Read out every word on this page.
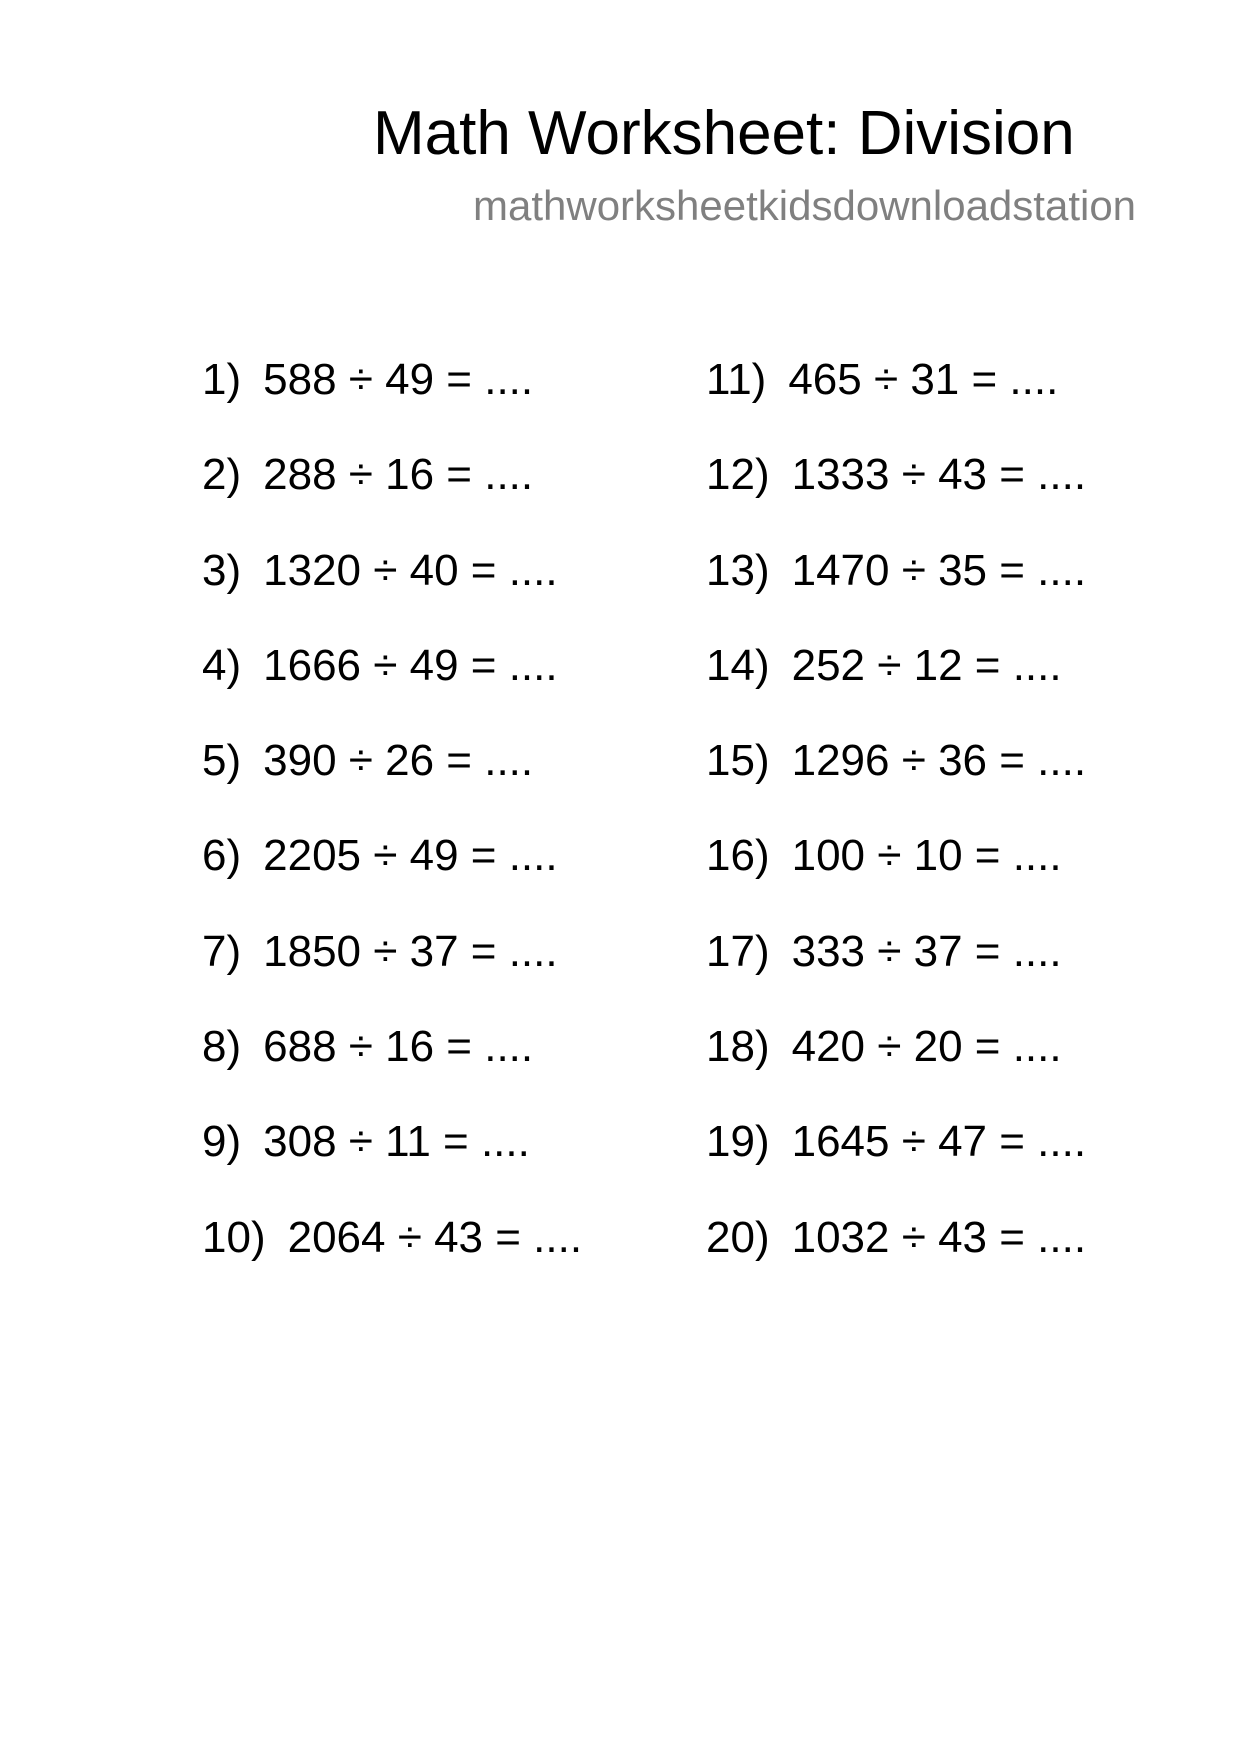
Math Worksheet: Division
mathworksheetkidsdownloadstation
1) 588 ÷ 49 = ....
2) 288 ÷ 16 = ....
3) 1320 ÷ 40 = ....
4) 1666 ÷ 49 = ....
5) 390 ÷ 26 = ....
6) 2205 ÷ 49 = ....
7) 1850 ÷ 37 = ....
8) 688 ÷ 16 = ....
9) 308 ÷ 11 = ....
10) 2064 ÷ 43 = ....
11) 465 ÷ 31 = ....
12) 1333 ÷ 43 = ....
13) 1470 ÷ 35 = ....
14) 252 ÷ 12 = ....
15) 1296 ÷ 36 = ....
16) 100 ÷ 10 = ....
17) 333 ÷ 37 = ....
18) 420 ÷ 20 = ....
19) 1645 ÷ 47 = ....
20) 1032 ÷ 43 = ....
